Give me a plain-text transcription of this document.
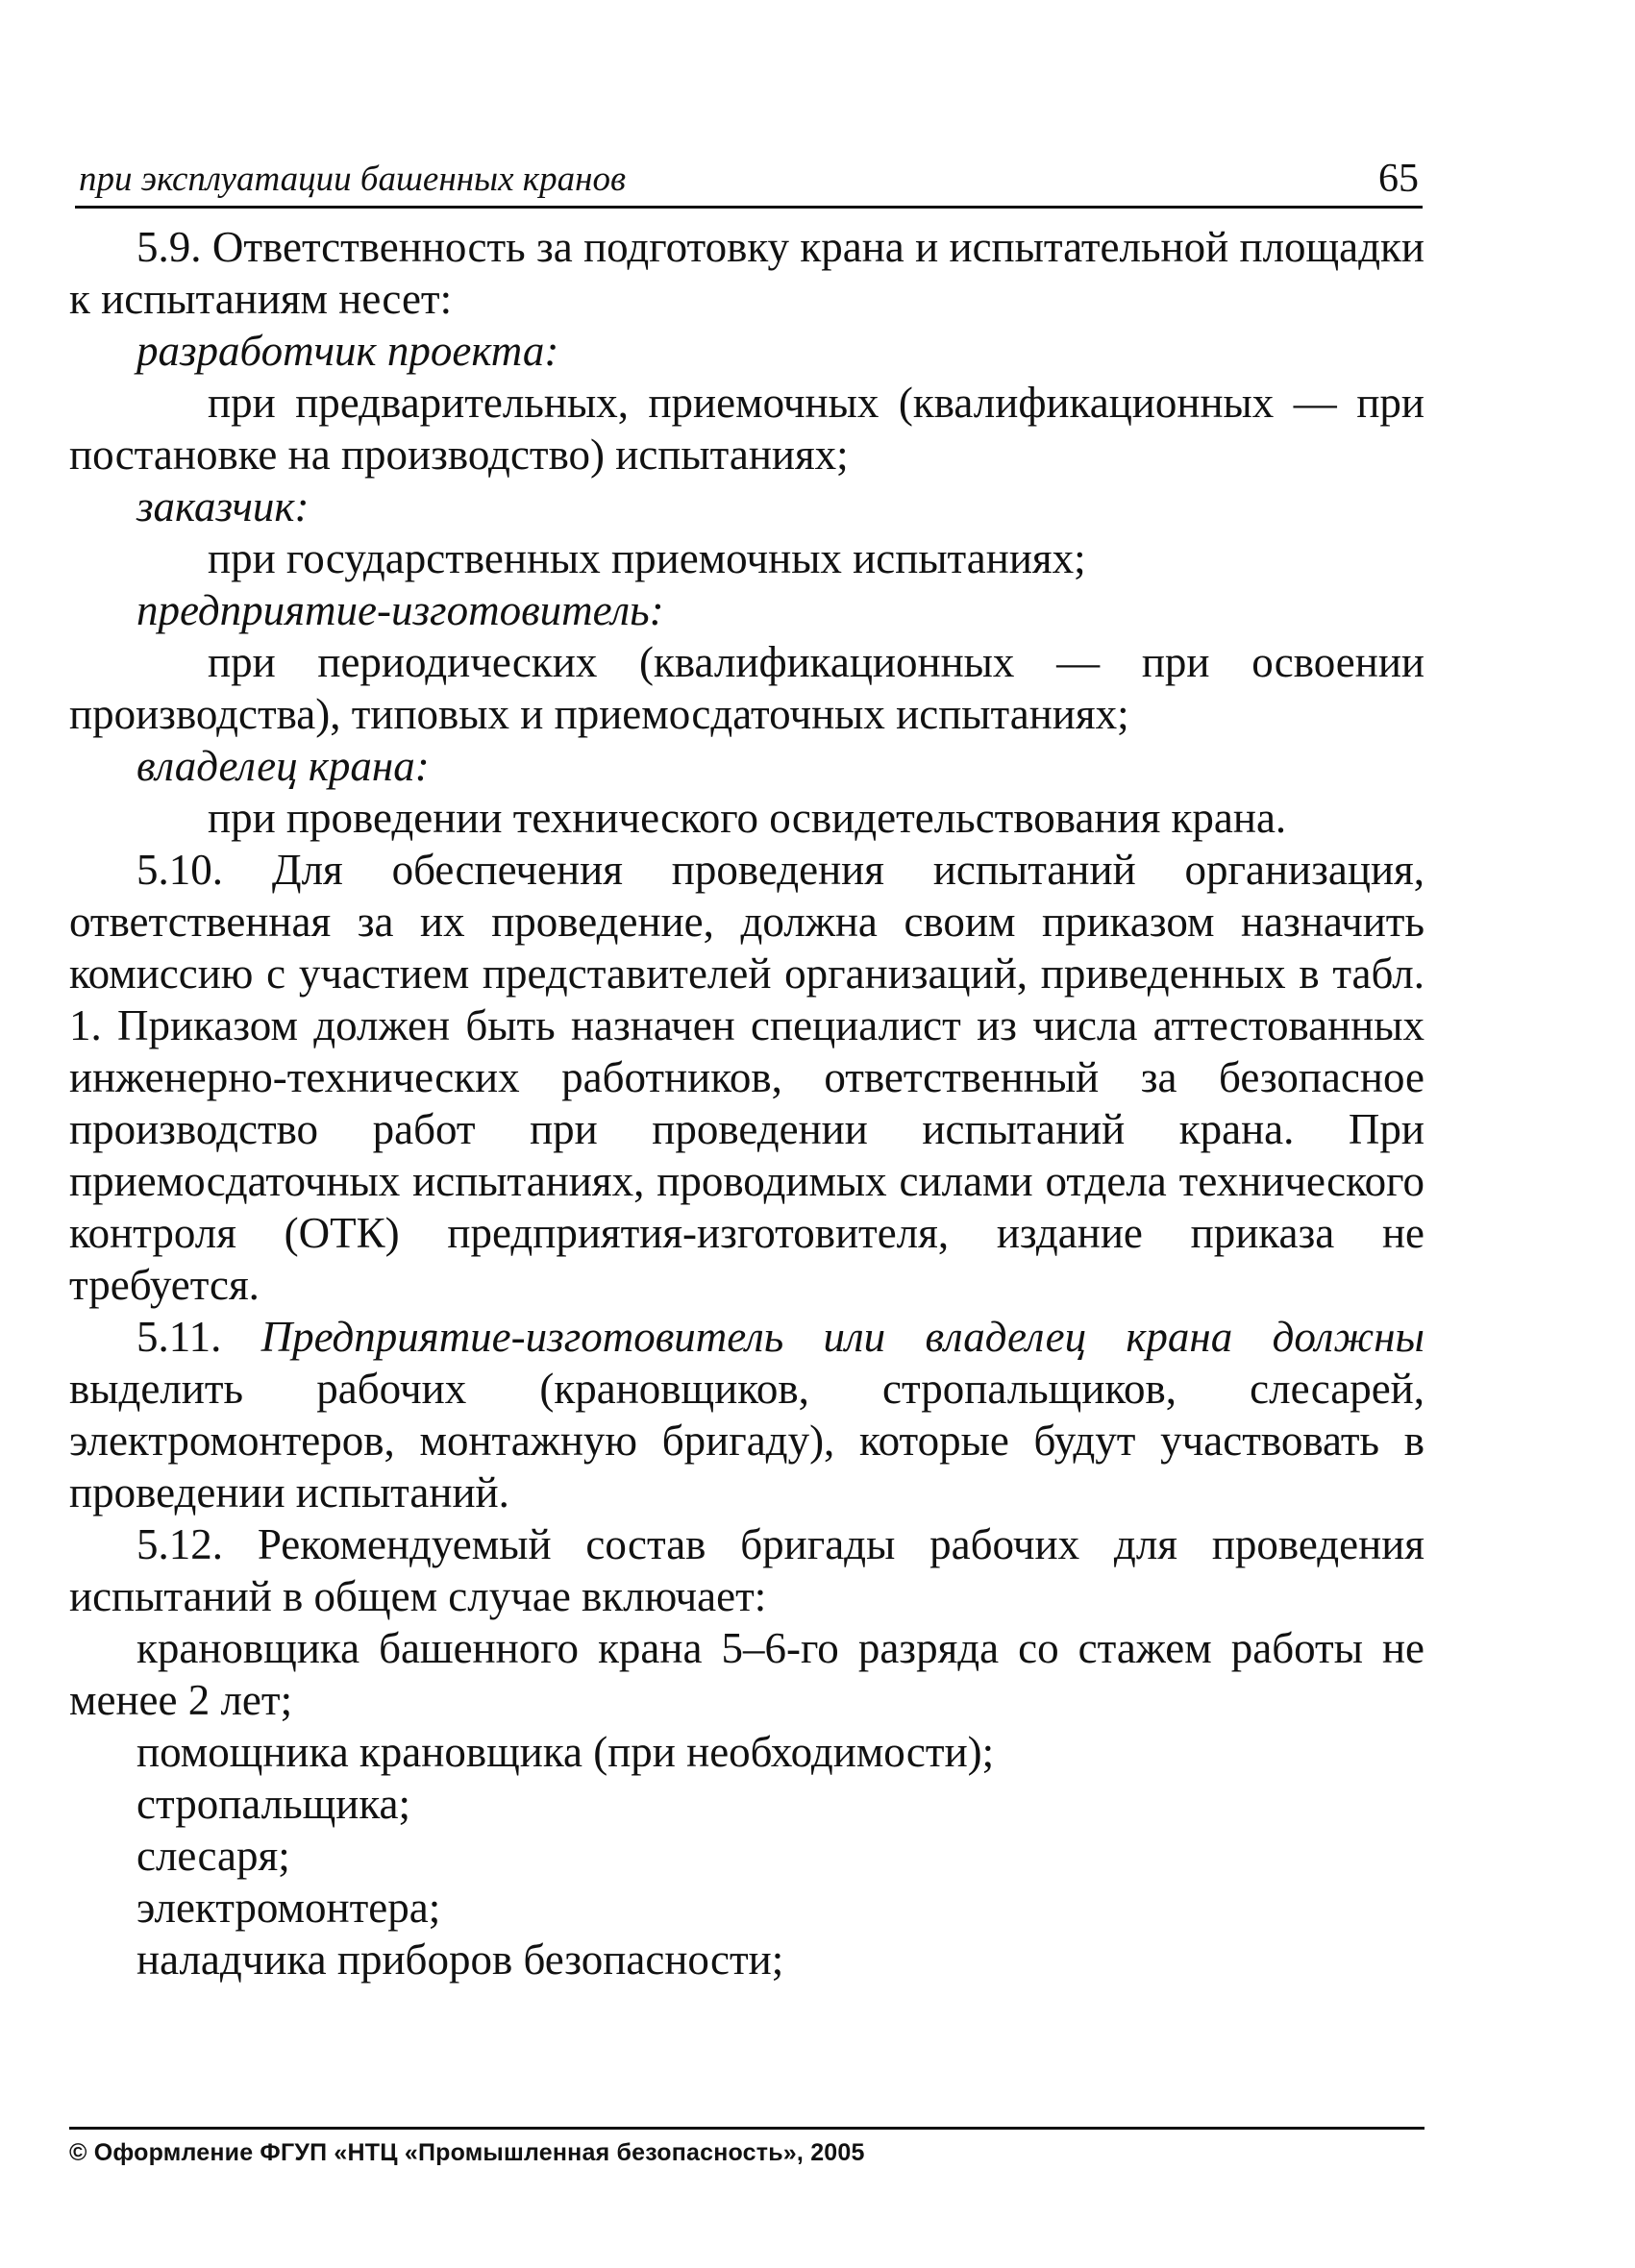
при эксплуатации башенных кранов	65

5.9. Ответственность за подготовку крана и испытательной площадки к испытаниям несет:

разработчик проекта:

при предварительных, приемочных (квалификационных — при постановке на производство) испытаниях;

заказчик:

при государственных приемочных испытаниях;

предприятие-изготовитель:

при периодических (квалификационных — при освоении производства), типовых и приемосдаточных испытаниях;

владелец крана:

при проведении технического освидетельствования крана.

5.10. Для обеспечения проведения испытаний организация, ответственная за их проведение, должна своим приказом назначить комиссию с участием представителей организаций, приведенных в табл. 1. Приказом должен быть назначен специалист из числа аттестованных инженерно-технических работников, ответственный за безопасное производство работ при проведении испытаний крана. При приемосдаточных испытаниях, проводимых силами отдела технического контроля (ОТК) предприятия-изготовителя, издание приказа не требуется.

5.11. Предприятие-изготовитель или владелец крана должны выделить рабочих (крановщиков, стропальщиков, слесарей, электромонтеров, монтажную бригаду), которые будут участвовать в проведении испытаний.

5.12. Рекомендуемый состав бригады рабочих для проведения испытаний в общем случае включает:

крановщика башенного крана 5–6-го разряда со стажем работы не менее 2 лет;

помощника крановщика (при необходимости);

стропальщика;

слесаря;

электромонтера;

наладчика приборов безопасности;

© Оформление ФГУП «НТЦ «Промышленная безопасность», 2005
